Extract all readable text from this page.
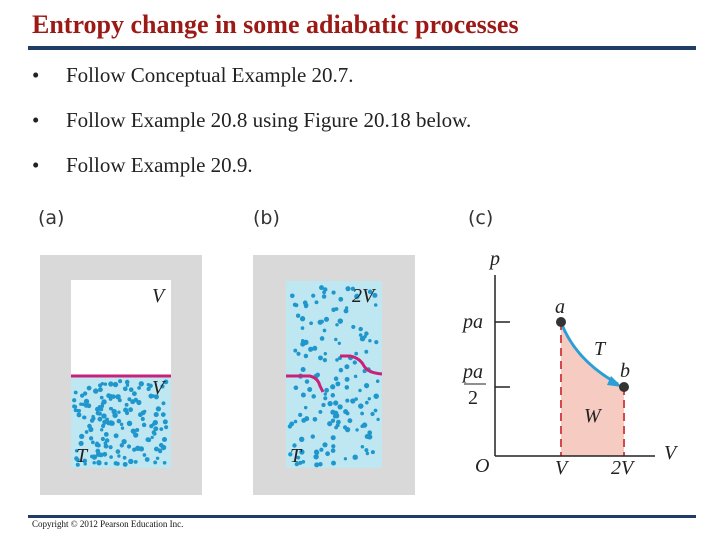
Entropy change in some adiabatic processes
•	Follow Conceptual Example 20.7.
•	Follow Example 20.8 using Figure 20.18 below.
•	Follow Example 20.9.
(a)
V
V
T
(b)
2V
T
(c)
p
V
O
pa
pa
2
V 2V
a
b
T
W
Copyright © 2012 Pearson Education Inc.
